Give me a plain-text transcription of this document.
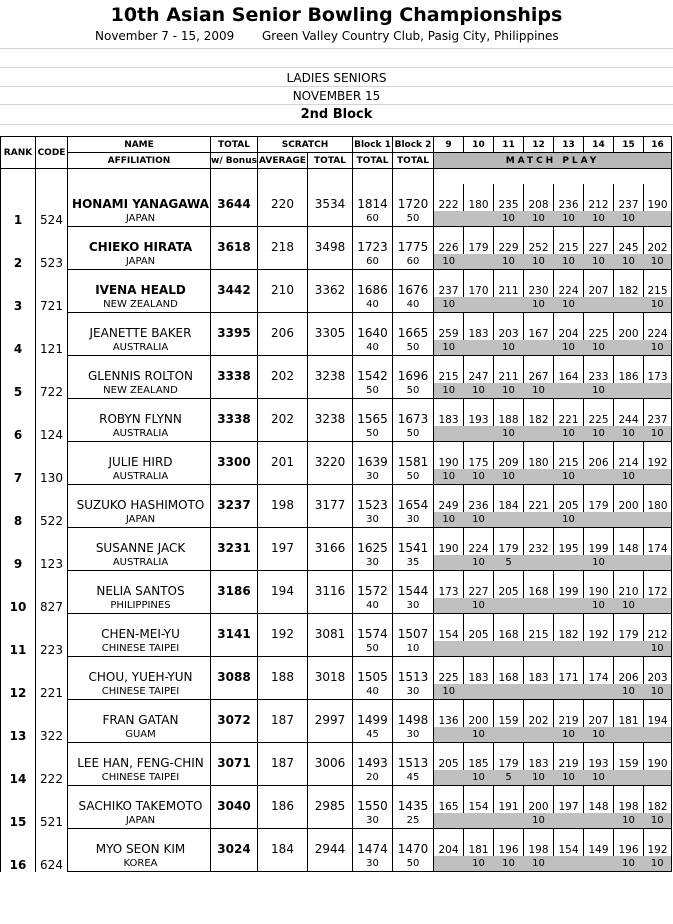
10th Asian Senior Bowling Championships
November 7 - 15, 2009 Green Valley Country Club, Pasig City, Philippines
LADIES SENIORS
NOVEMBER 15
2nd Block
RANK	CODE	NAME	TOTAL	SCRATCH		Block 1	Block 2	9	10	11	12	13	14	15	16
		AFFILIATION	w/ Bonus	AVERAGE	TOTAL	TOTAL	TOTAL	MATCH PLAY							

1	524	HONAMI YANAGAWA	3644	220	3534	1814	1720	222	180	235	208	236	212	237	190
		JAPAN				60	50			10	10	10	10	10	
2	523	CHIEKO HIRATA	3618	218	3498	1723	1775	226	179	229	252	215	227	245	202
		JAPAN				60	60	10		10	10	10	10	10	10
3	721	IVENA HEALD	3442	210	3362	1686	1676	237	170	211	230	224	207	182	215
		NEW ZEALAND				40	40	10			10	10			10
4	121	JEANETTE BAKER	3395	206	3305	1640	1665	259	183	203	167	204	225	200	224
		AUSTRALIA				40	50	10		10		10	10		10
5	722	GLENNIS ROLTON	3338	202	3238	1542	1696	215	247	211	267	164	233	186	173
		NEW ZEALAND				50	50	10	10	10	10		10		
6	124	ROBYN FLYNN	3338	202	3238	1565	1673	183	193	188	182	221	225	244	237
		AUSTRALIA				50	50			10		10	10	10	10
7	130	JULIE HIRD	3300	201	3220	1639	1581	190	175	209	180	215	206	214	192
		AUSTRALIA				30	50	10	10	10		10		10	
8	522	SUZUKO HASHIMOTO	3237	198	3177	1523	1654	249	236	184	221	205	179	200	180
		JAPAN				30	30	10	10			10			
9	123	SUSANNE JACK	3231	197	3166	1625	1541	190	224	179	232	195	199	148	174
		AUSTRALIA				30	35		10	5			10		
10	827	NELIA SANTOS	3186	194	3116	1572	1544	173	227	205	168	199	190	210	172
		PHILIPPINES				40	30		10				10	10	
11	223	CHEN-MEI-YU	3141	192	3081	1574	1507	154	205	168	215	182	192	179	212
		CHINESE TAIPEI				50	10								10
12	221	CHOU, YUEH-YUN	3088	188	3018	1505	1513	225	183	168	183	171	174	206	203
		CHINESE TAIPEI				40	30	10						10	10
13	322	FRAN GATAN	3072	187	2997	1499	1498	136	200	159	202	219	207	181	194
		GUAM				45	30		10			10	10		
14	222	LEE HAN, FENG-CHIN	3071	187	3006	1493	1513	205	185	179	183	219	193	159	190
		CHINESE TAIPEI				20	45		10	5	10	10	10		
15	521	SACHIKO TAKEMOTO	3040	186	2985	1550	1435	165	154	191	200	197	148	198	182
		JAPAN				30	25				10			10	10
16	624	MYO SEON KIM	3024	184	2944	1474	1470	204	181	196	198	154	149	196	192
		KOREA				30	50		10	10	10			10	10
